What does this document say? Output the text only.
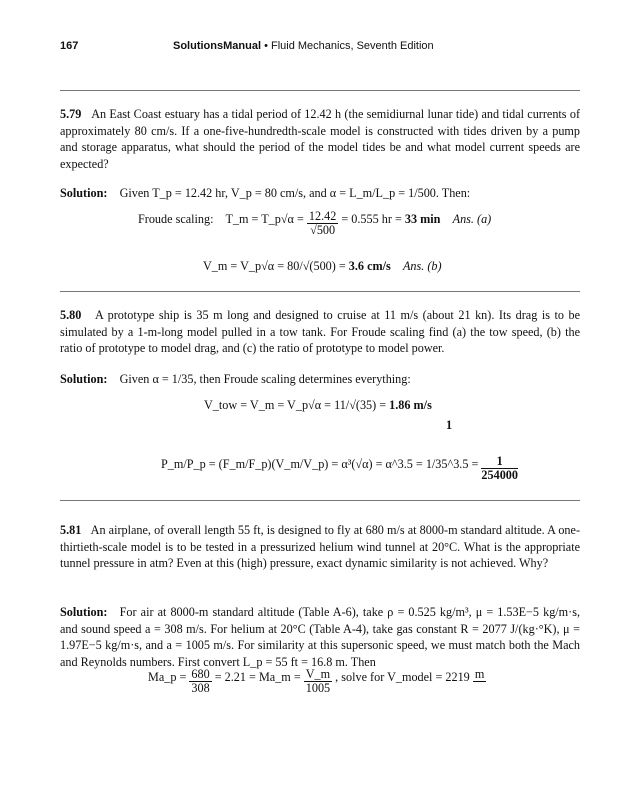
167	SolutionsManual • Fluid Mechanics, Seventh Edition
5.79 An East Coast estuary has a tidal period of 12.42 h (the semidiurnal lunar tide) and tidal currents of approximately 80 cm/s. If a one-five-hundredth-scale model is constructed with tides driven by a pump and storage apparatus, what should the period of the model tides be and what model current speeds are expected?
Solution: Given T_p = 12.42 hr, V_p = 80 cm/s, and α = L_m/L_p = 1/500. Then:
Froude scaling: T_m = T_p√α = $\frac{12.42}{√500} = 0.555$ hr = 33 min Ans. (a)
V_m = V_p√α = 80/√(500) = 3.6 cm/s Ans. (b)
5.80 A prototype ship is 35 m long and designed to cruise at 11 m/s (about 21 kn). Its drag is to be simulated by a 1-m-long model pulled in a tow tank. For Froude scaling find (a) the tow speed, (b) the ratio of prototype to model drag, and (c) the ratio of prototype to model power.
Solution: Given α = 1/35, then Froude scaling determines everything:
V_tow = V_m = V_p√α = 11/√(35) = 1.86 m/s
1
P_m/P_p = (F_m/F_p)(V_m/V_p) = α³(√α) = α^3.5 = 1/35^3.5 = $\frac{1}{254000}$
5.81 An airplane, of overall length 55 ft, is designed to fly at 680 m/s at 8000-m standard altitude. A one-thirtieth-scale model is to be tested in a pressurized helium wind tunnel at 20°C. What is the appropriate tunnel pressure in atm? Even at this (high) pressure, exact dynamic similarity is not achieved. Why?
Solution: For air at 8000-m standard altitude (Table A-6), take ρ = 0.525 kg/m³, μ = 1.53E−5 kg/m·s, and sound speed a = 308 m/s. For helium at 20°C (Table A-4), take gas constant R = 2077 J/(kg·°K), μ = 1.97E−5 kg/m·s, and a = 1005 m/s. For similarity at this supersonic speed, we must match both the Mach and Reynolds numbers. First convert L_p = 55 ft = 16.8 m. Then
Ma_p = $\frac{680}{308} = 2.21$ = Ma_m = $\frac{V\_m}{1005}$ , solve for V_model = 2219 m
